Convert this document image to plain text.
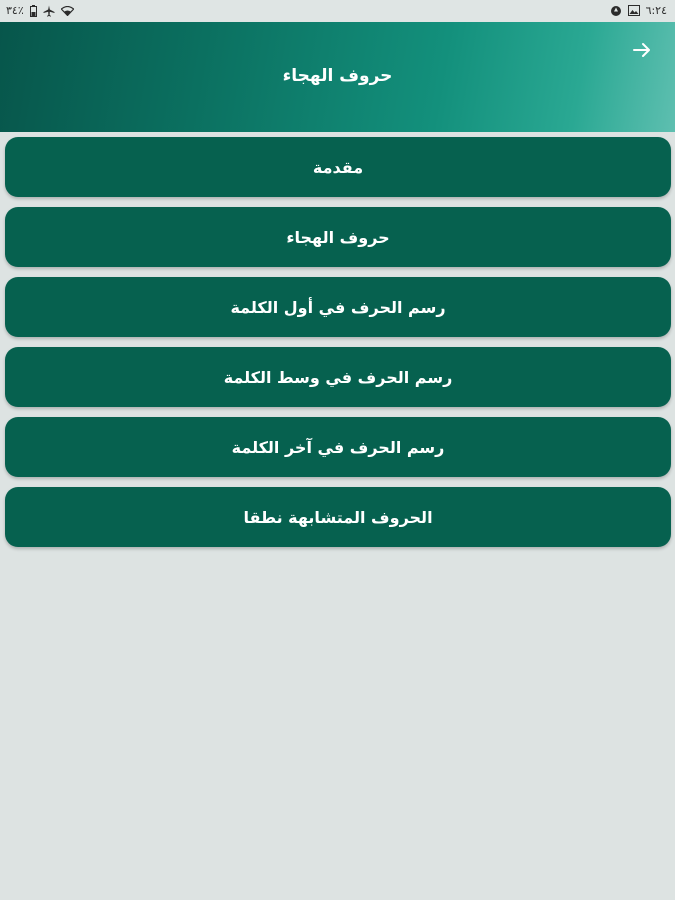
٣٤٪	٦:٢٤
حروف الهجاء
مقدمة
حروف الهجاء
رسم الحرف في أول الكلمة
رسم الحرف في وسط الكلمة
رسم الحرف في آخر الكلمة
الحروف المتشابهة نطقا
